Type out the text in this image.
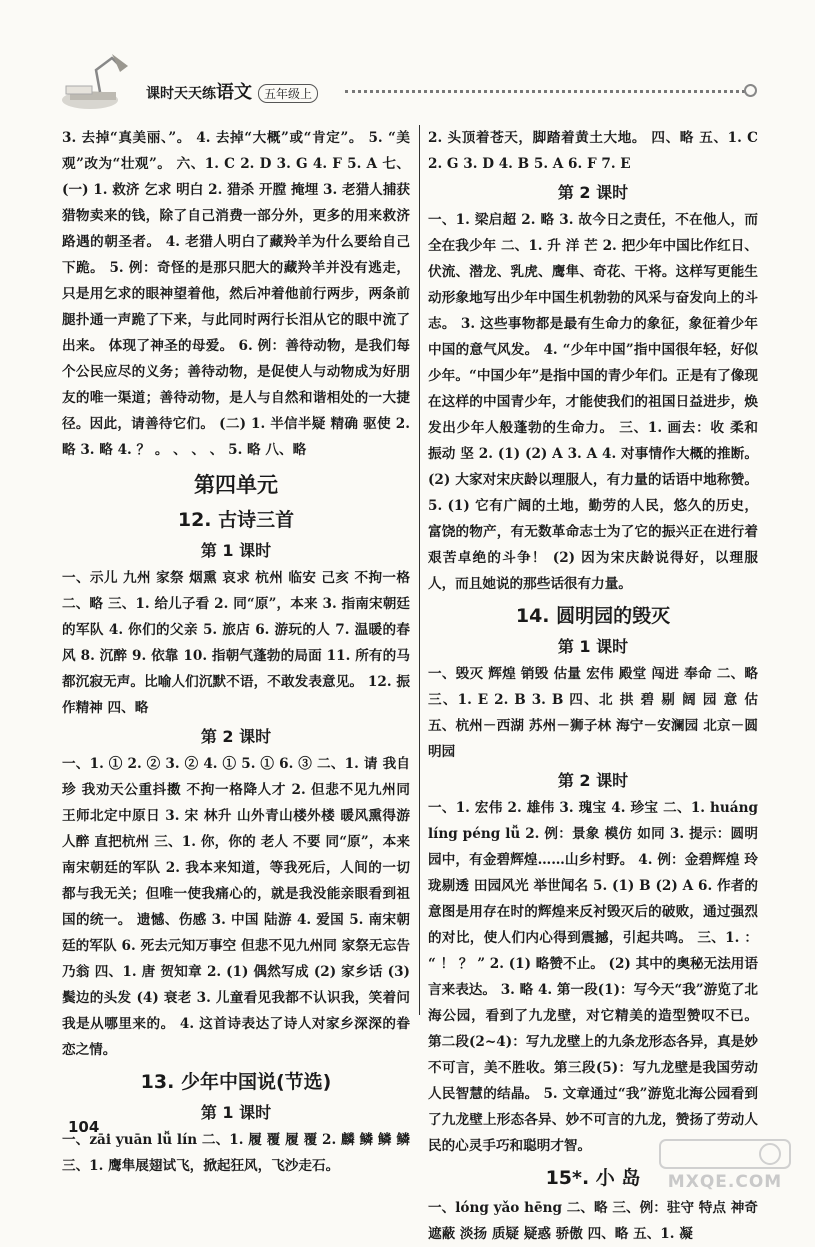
课时天天练语文 五年级上

3. 去掉“真美丽、”。 4. 去掉“大概”或“肯定”。 5. “美观”改为“壮观”。 六、1. C 2. D 3. G 4. F 5. A 七、(一) 1. 救济 乞求 明白 2. 猎杀 开膛 掩埋 3. 老猎人捕获猎物卖来的钱，除了自己消费一部分外，更多的用来救济路遇的朝圣者。 4. 老猎人明白了藏羚羊为什么要给自己下跪。 5. 例：奇怪的是那只肥大的藏羚羊并没有逃走，只是用乞求的眼神望着他，然后冲着他前行两步，两条前腿扑通一声跪了下来，与此同时两行长泪从它的眼中流了出来。 体现了神圣的母爱。 6. 例：善待动物，是我们每个公民应尽的义务；善待动物，是促使人与动物成为好朋友的唯一渠道；善待动物，是人与自然和谐相处的一大捷径。因此，请善待它们。 (二) 1. 半信半疑 精确 驱使 2. 略 3. 略 4. ？ 。 、 、 、 5. 略 八、略

第四单元
12. 古诗三首
第 1 课时

一、示儿 九州 家祭 烟熏 哀求 杭州 临安 己亥 不拘一格 二、略 三、1. 给儿子看 2. 同“原”，本来 3. 指南宋朝廷的军队 4. 你们的父亲 5. 旅店 6. 游玩的人 7. 温暖的春风 8. 沉醉 9. 依靠 10. 指朝气蓬勃的局面 11. 所有的马都沉寂无声。比喻人们沉默不语，不敢发表意见。 12. 振作精神 四、略

第 2 课时

一、1. ① 2. ② 3. ② 4. ① 5. ① 6. ③ 二、1. 请 我自珍 我劝天公重抖擞 不拘一格降人才 2. 但悲不见九州同 王师北定中原日 3. 宋 林升 山外青山楼外楼 暖风熏得游人醉 直把杭州 三、1. 你，你的 老人 不要 同“原”，本来 南宋朝廷的军队 2. 我本来知道，等我死后，人间的一切都与我无关；但唯一使我痛心的，就是我没能亲眼看到祖国的统一。 遗憾、伤感 3. 中国 陆游 4. 爱国 5. 南宋朝廷的军队 6. 死去元知万事空 但悲不见九州同 家祭无忘告乃翁 四、1. 唐 贺知章 2. (1) 偶然写成 (2) 家乡话 (3) 鬓边的头发 (4) 衰老 3. 儿童看见我都不认识我，笑着问我是从哪里来的。 4. 这首诗表达了诗人对家乡深深的眷恋之情。

13. 少年中国说(节选)
第 1 课时

一、zāi yuān lǚ lín 二、1. 履 覆 履 覆 2. 麟 鳞 鳞 鳞 三、1. 鹰隼展翅试飞，掀起狂风，飞沙走石。

2. 头顶着苍天，脚踏着黄土大地。 四、略 五、1. C 2. G 3. D 4. B 5. A 6. F 7. E

第 2 课时

一、1. 梁启超 2. 略 3. 故今日之责任，不在他人，而全在我少年 二、1. 升 洋 芒 2. 把少年中国比作红日、伏流、潜龙、乳虎、鹰隼、奇花、干将。这样写更能生动形象地写出少年中国生机勃勃的风采与奋发向上的斗志。 3. 这些事物都是最有生命力的象征，象征着少年中国的意气风发。 4. “少年中国”指中国很年轻，好似少年。“中国少年”是指中国的青少年们。正是有了像现在这样的中国青少年，才能使我们的祖国日益进步，焕发出少年人般蓬勃的生命力。 三、1. 画去：收 柔和 振动 坚 2. (1) (2) A 3. A 4. 对事情作大概的推断。 (2) 大家对宋庆龄以理服人，有力量的话语中地称赞。 5. (1) 它有广阔的土地，勤劳的人民，悠久的历史，富饶的物产，有无数革命志士为了它的振兴正在进行着艰苦卓绝的斗争！ (2) 因为宋庆龄说得好，以理服人，而且她说的那些话很有力量。

14. 圆明园的毁灭
第 1 课时

一、毁灭 辉煌 销毁 估量 宏伟 殿堂 闯进 奉命 二、略 三、1. E 2. B 3. B 四、北 拱 碧 剔 阔 园 意 估 五、杭州－西湖 苏州－狮子林 海宁－安澜园 北京－圆明园

第 2 课时

一、1. 宏伟 2. 雄伟 3. 瑰宝 4. 珍宝 二、1. huáng líng péng lǚ 2. 例：景象 模仿 如同 3. 提示：圆明园中，有金碧辉煌……山乡村野。 4. 例：金碧辉煌 玲珑剔透 田园风光 举世闻名 5. (1) B (2) A 6. 作者的意图是用存在时的辉煌来反衬毁灭后的破败，通过强烈的对比，使人们内心得到震撼，引起共鸣。 三、1. ： “ ！ ？ ” 2. (1) 略赞不止。 (2) 其中的奥秘无法用语言来表达。 3. 略 4. 第一段(1)：写今天“我”游览了北海公园，看到了九龙壁，对它精美的造型赞叹不已。 第二段(2~4)：写九龙壁上的九条龙形态各异，真是妙不可言，美不胜收。第三段(5)：写九龙壁是我国劳动人民智慧的结晶。 5. 文章通过“我”游览北海公园看到了九龙壁上形态各异、妙不可言的九龙，赞扬了劳动人民的心灵手巧和聪明才智。

15*. 小 岛

一、lóng yǎo hēng 二、略 三、例：驻守 特点 神奇 遮蔽 淡扬 质疑 疑惑 骄傲 四、略 五、1. 凝

104
MXQE.COM
